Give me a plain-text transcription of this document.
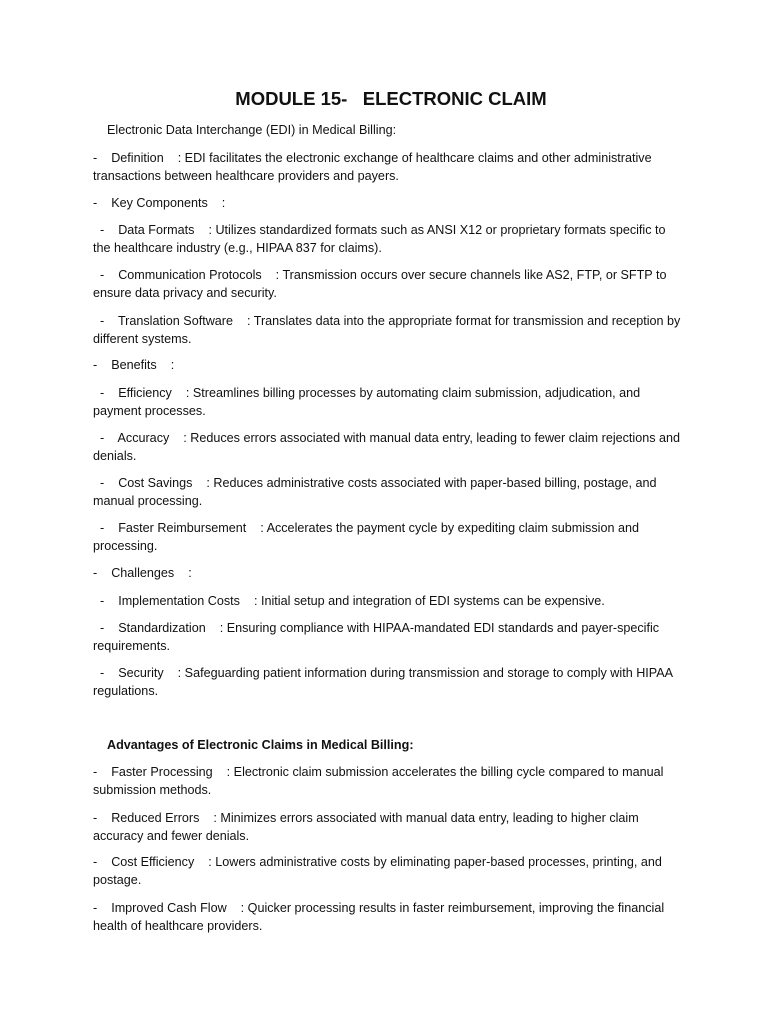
MODULE 15-   ELECTRONIC CLAIM

Electronic Data Interchange (EDI) in Medical Billing:

-    Definition    : EDI facilitates the electronic exchange of healthcare claims and other administrative transactions between healthcare providers and payers.

-    Key Components    :

-    Data Formats    : Utilizes standardized formats such as ANSI X12 or proprietary formats specific to the healthcare industry (e.g., HIPAA 837 for claims).

-    Communication Protocols    : Transmission occurs over secure channels like AS2, FTP, or SFTP to ensure data privacy and security.

-    Translation Software    : Translates data into the appropriate format for transmission and reception by different systems.

-    Benefits    :

-    Efficiency    : Streamlines billing processes by automating claim submission, adjudication, and payment processes.

-    Accuracy    : Reduces errors associated with manual data entry, leading to fewer claim rejections and denials.

-    Cost Savings    : Reduces administrative costs associated with paper-based billing, postage, and manual processing.

-    Faster Reimbursement    : Accelerates the payment cycle by expediting claim submission and processing.

-    Challenges    :

-    Implementation Costs    : Initial setup and integration of EDI systems can be expensive.

-    Standardization    : Ensuring compliance with HIPAA-mandated EDI standards and payer-specific requirements.

-    Security    : Safeguarding patient information during transmission and storage to comply with HIPAA regulations.

Advantages of Electronic Claims in Medical Billing:

-    Faster Processing    : Electronic claim submission accelerates the billing cycle compared to manual submission methods.

-    Reduced Errors    : Minimizes errors associated with manual data entry, leading to higher claim accuracy and fewer denials.

-    Cost Efficiency    : Lowers administrative costs by eliminating paper-based processes, printing, and postage.

-    Improved Cash Flow    : Quicker processing results in faster reimbursement, improving the financial health of healthcare providers.
